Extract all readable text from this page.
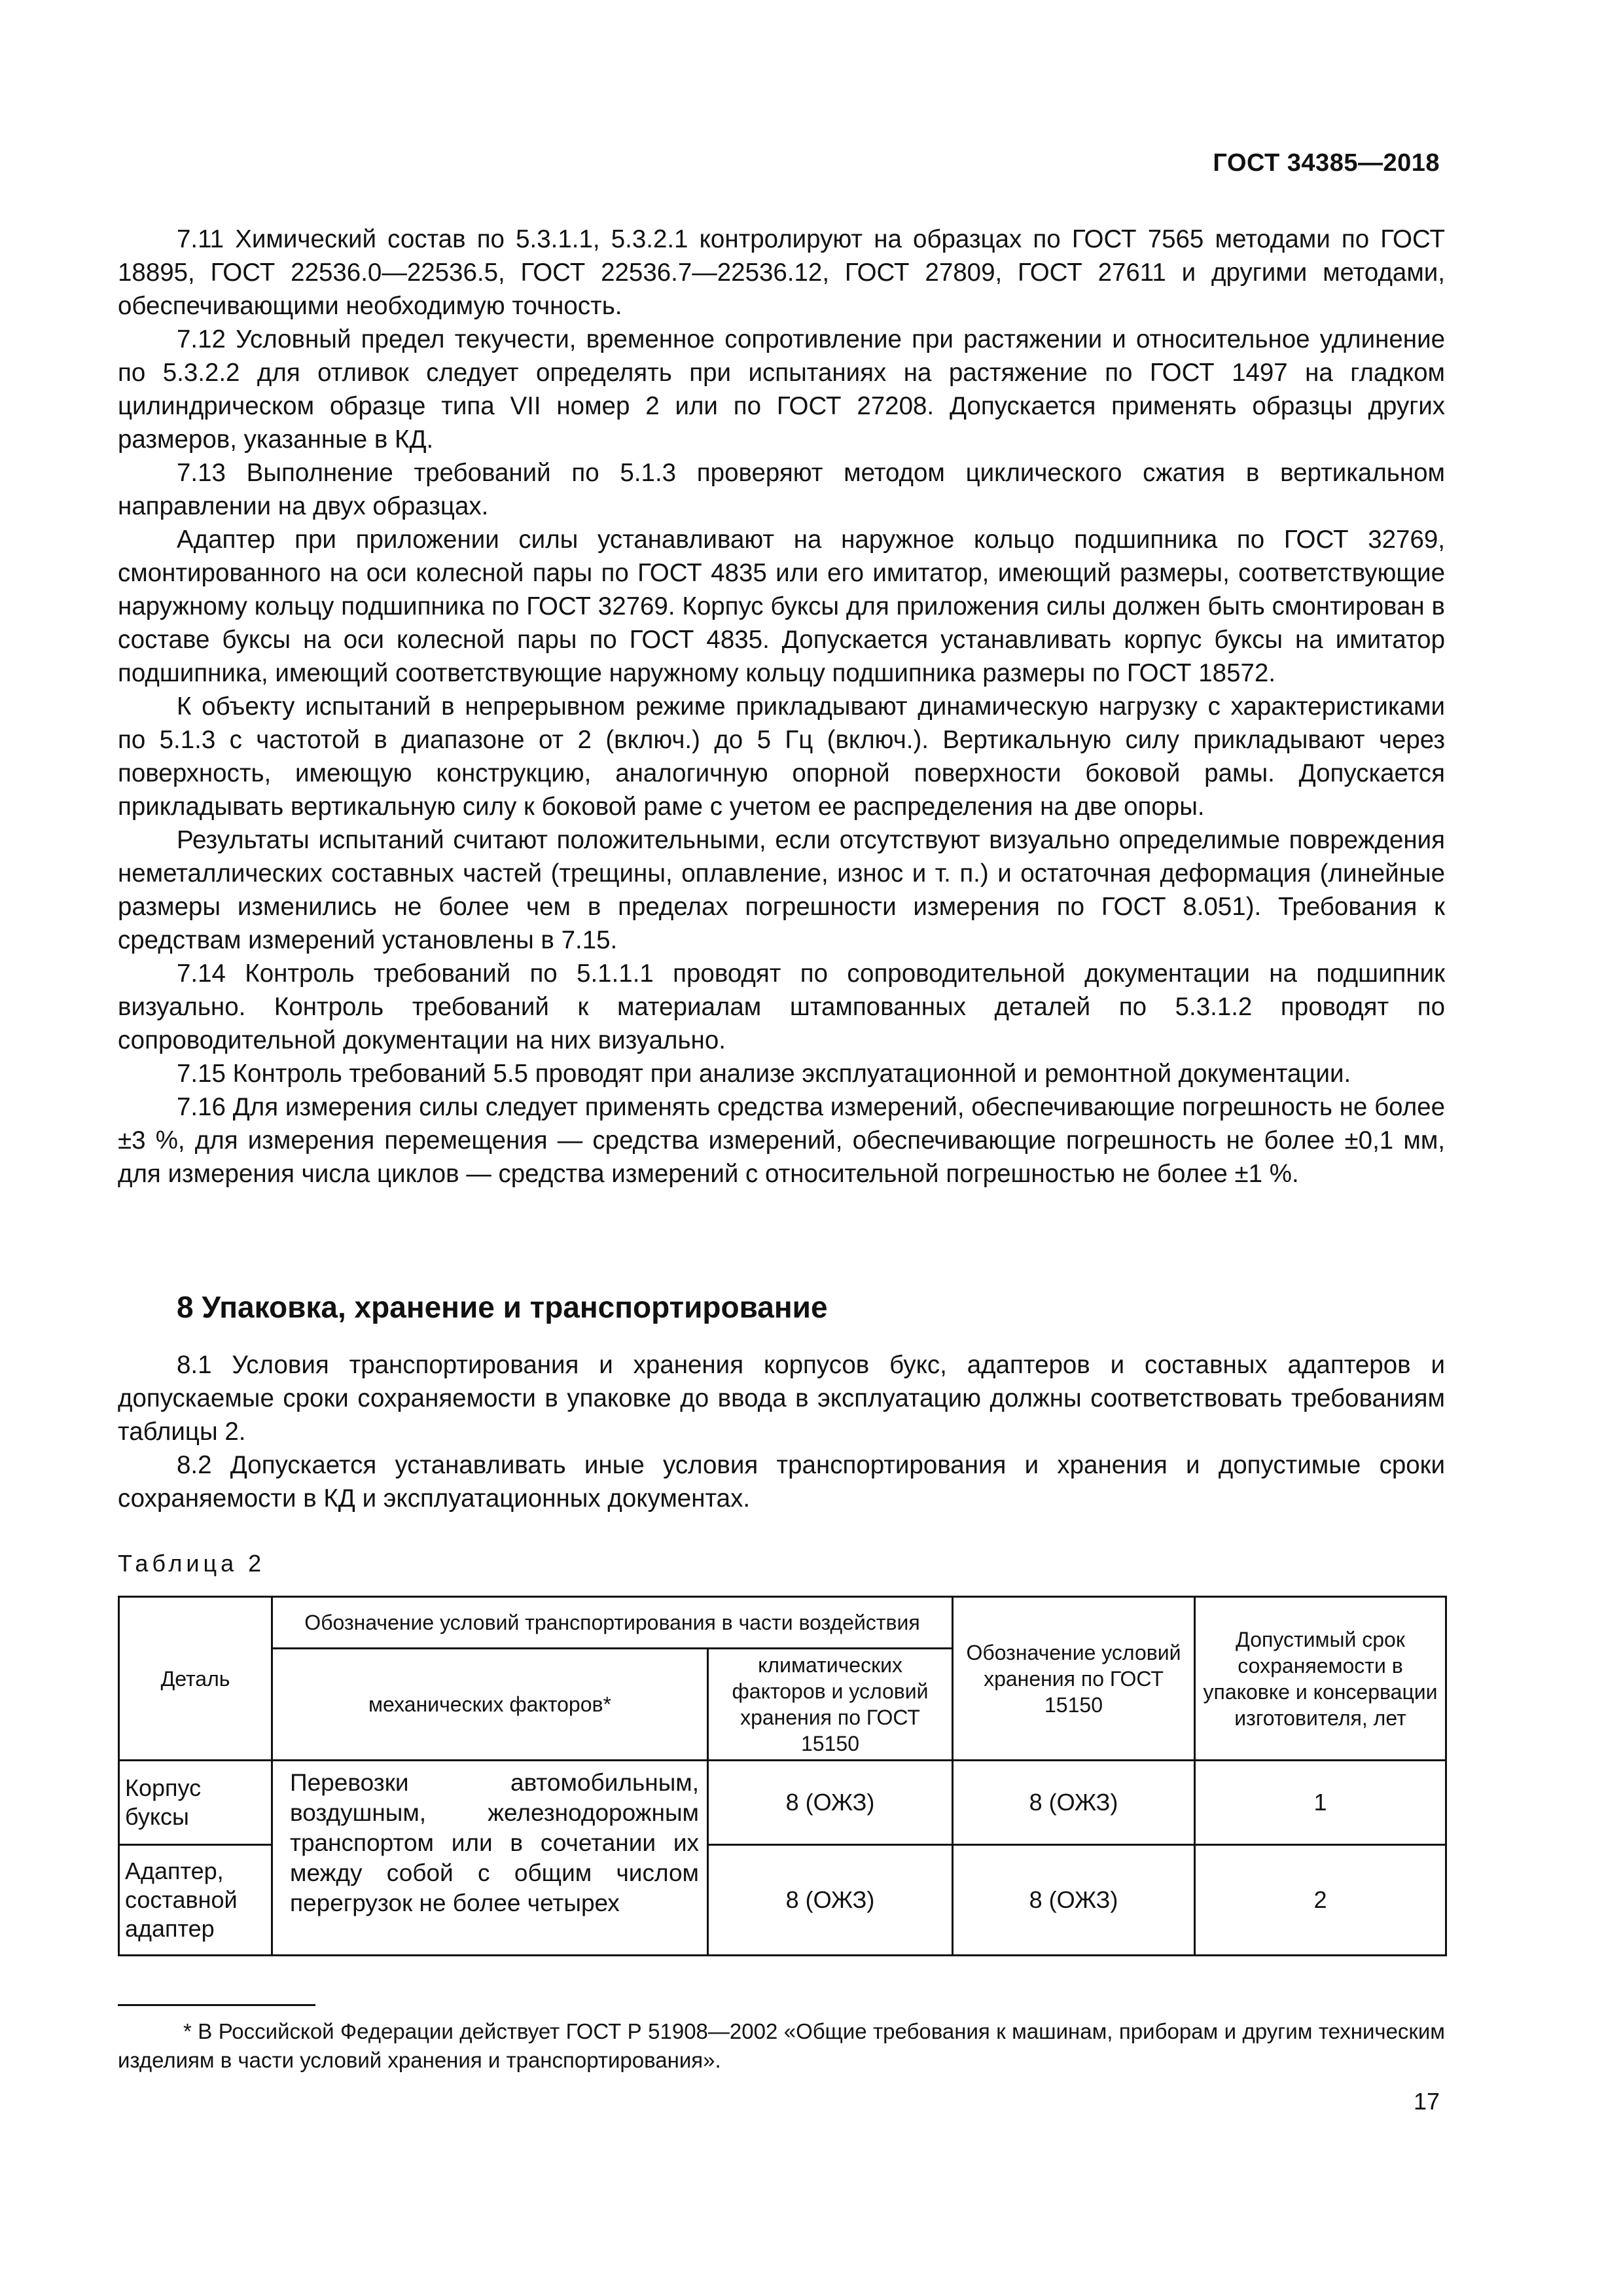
ГОСТ 34385—2018

7.11 Химический состав по 5.3.1.1, 5.3.2.1 контролируют на образцах по ГОСТ 7565 методами по ГОСТ 18895, ГОСТ 22536.0—22536.5, ГОСТ 22536.7—22536.12, ГОСТ 27809, ГОСТ 27611 и другими методами, обеспечивающими необходимую точность.

7.12 Условный предел текучести, временное сопротивление при растяжении и относительное удлинение по 5.3.2.2 для отливок следует определять при испытаниях на растяжение по ГОСТ 1497 на гладком цилиндрическом образце типа VII номер 2 или по ГОСТ 27208. Допускается применять образцы других размеров, указанные в КД.

7.13 Выполнение требований по 5.1.3 проверяют методом циклического сжатия в вертикальном направлении на двух образцах.

Адаптер при приложении силы устанавливают на наружное кольцо подшипника по ГОСТ 32769, смонтированного на оси колесной пары по ГОСТ 4835 или его имитатор, имеющий размеры, соответствующие наружному кольцу подшипника по ГОСТ 32769. Корпус буксы для приложения силы должен быть смонтирован в составе буксы на оси колесной пары по ГОСТ 4835. Допускается устанавливать корпус буксы на имитатор подшипника, имеющий соответствующие наружному кольцу подшипника размеры по ГОСТ 18572.

К объекту испытаний в непрерывном режиме прикладывают динамическую нагрузку с характеристиками по 5.1.3 с частотой в диапазоне от 2 (включ.) до 5 Гц (включ.). Вертикальную силу прикладывают через поверхность, имеющую конструкцию, аналогичную опорной поверхности боковой рамы. Допускается прикладывать вертикальную силу к боковой раме с учетом ее распределения на две опоры.

Результаты испытаний считают положительными, если отсутствуют визуально определимые повреждения неметаллических составных частей (трещины, оплавление, износ и т. п.) и остаточная деформация (линейные размеры изменились не более чем в пределах погрешности измерения по ГОСТ 8.051). Требования к средствам измерений установлены в 7.15.

7.14 Контроль требований по 5.1.1.1 проводят по сопроводительной документации на подшипник визуально. Контроль требований к материалам штампованных деталей по 5.3.1.2 проводят по сопроводительной документации на них визуально.

7.15 Контроль требований 5.5 проводят при анализе эксплуатационной и ремонтной документации.

7.16 Для измерения силы следует применять средства измерений, обеспечивающие погрешность не более ±3 %, для измерения перемещения — средства измерений, обеспечивающие погрешность не более ±0,1 мм, для измерения числа циклов — средства измерений с относительной погрешностью не более ±1 %.

8 Упаковка, хранение и транспортирование

8.1 Условия транспортирования и хранения корпусов букс, адаптеров и составных адаптеров и допускаемые сроки сохраняемости в упаковке до ввода в эксплуатацию должны соответствовать требованиям таблицы 2.

8.2 Допускается устанавливать иные условия транспортирования и хранения и допустимые сроки сохраняемости в КД и эксплуатационных документах.

Таблица 2
Деталь	Обозначение условий транспортирования в части воздействия		Обозначение условий хранения по ГОСТ 15150	Допустимый срок сохраняемости в упаковке и консервации изготовителя, лет
	механических факторов*	климатических факторов и условий хранения по ГОСТ 15150		
Корпус буксы	Перевозки автомобильным, воздушным, железнодорожным транспортом или в сочетании их между собой с общим числом перегрузок не более четырех	8 (ОЖЗ)	8 (ОЖЗ)	1
Адаптер, составной адаптер		8 (ОЖЗ)	8 (ОЖЗ)	2
* В Российской Федерации действует ГОСТ Р 51908—2002 «Общие требования к машинам, приборам и другим техническим изделиям в части условий хранения и транспортирования».
17
